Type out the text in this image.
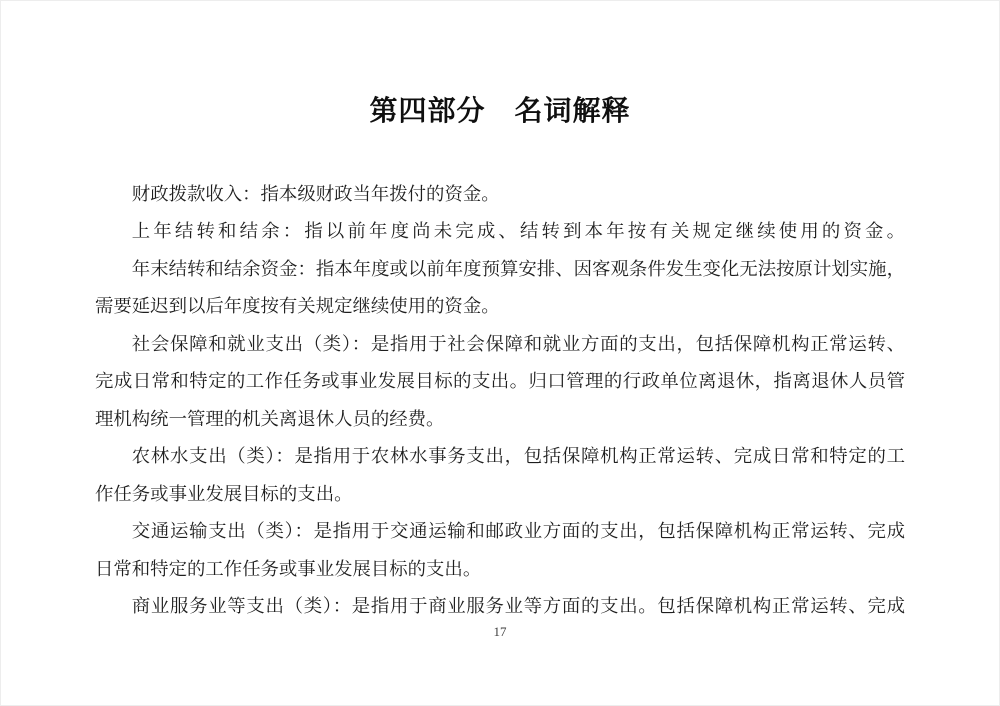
第四部分　名词解释
财政拨款收入：指本级财政当年拨付的资金。
上年结转和结余：指以前年度尚未完成、结转到本年按有关规定继续使用的资金。
年末结转和结余资金：指本年度或以前年度预算安排、因客观条件发生变化无法按原计划实施，
需要延迟到以后年度按有关规定继续使用的资金。
社会保障和就业支出（类）：是指用于社会保障和就业方面的支出，包括保障机构正常运转、
完成日常和特定的工作任务或事业发展目标的支出。归口管理的行政单位离退休，指离退休人员管
理机构统一管理的机关离退休人员的经费。
农林水支出（类）：是指用于农林水事务支出，包括保障机构正常运转、完成日常和特定的工
作任务或事业发展目标的支出。
交通运输支出（类）：是指用于交通运输和邮政业方面的支出，包括保障机构正常运转、完成
日常和特定的工作任务或事业发展目标的支出。
商业服务业等支出（类）：是指用于商业服务业等方面的支出。包括保障机构正常运转、完成
17
